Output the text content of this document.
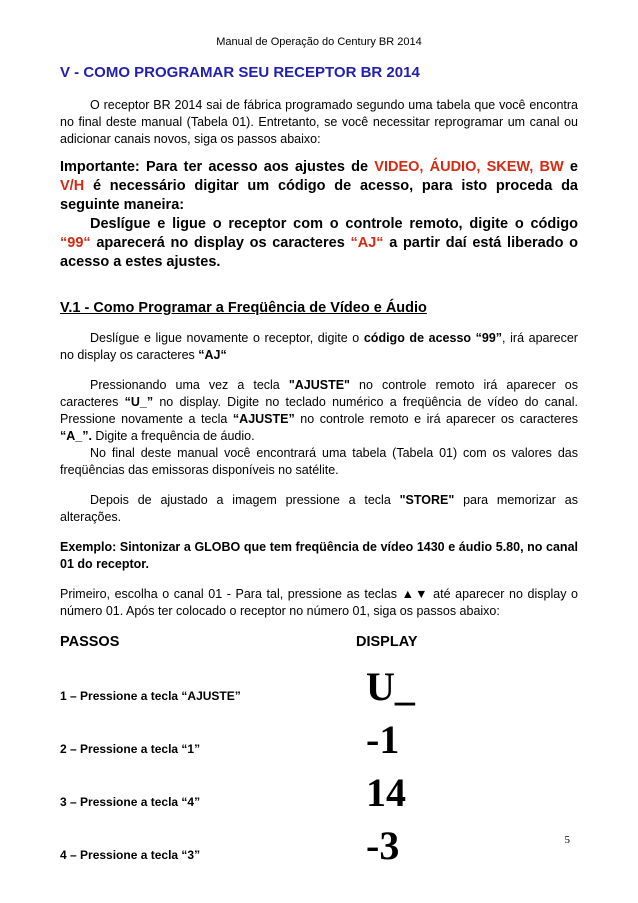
Manual de Operação do Century BR 2014
V - COMO PROGRAMAR SEU RECEPTOR BR 2014

O receptor BR 2014 sai de fábrica programado segundo uma tabela que você encontra no final deste manual (Tabela 01). Entretanto, se você necessitar reprogramar um canal ou adicionar canais novos, siga os passos abaixo:

Importante: Para ter acesso aos ajustes de VIDEO, ÁUDIO, SKEW, BW e V/H é necessário digitar um código de acesso, para isto proceda da seguinte maneira:

Deslígue e ligue o receptor com o controle remoto, digite o código “99“ aparecerá no display os caracteres “AJ“ a partir daí está liberado o acesso a estes ajustes.

V.1 - Como Programar a Freqüência de Vídeo e Áudio

Deslígue e ligue novamente o receptor, digite o código de acesso “99”, irá aparecer no display os caracteres “AJ“

Pressionando uma vez a tecla "AJUSTE" no controle remoto irá aparecer os caracteres “U_” no display. Digite no teclado numérico a freqüência de vídeo do canal. Pressione novamente a tecla “AJUSTE” no controle remoto e irá aparecer os caracteres “A_”. Digite a frequência de áudio.

No final deste manual você encontrará uma tabela (Tabela 01) com os valores das freqüências das emissoras disponíveis no satélite.

Depois de ajustado a imagem pressione a tecla "STORE" para memorizar as alterações.

Exemplo: Sintonizar a GLOBO que tem freqüência de vídeo 1430 e áudio 5.80, no canal 01 do receptor.

Primeiro, escolha o canal 01 - Para tal, pressione as teclas ▲▼ até aparecer no display o número 01. Após ter colocado o receptor no número 01, siga os passos abaixo:

PASSOS	DISPLAY
1 – Pressione a tecla “AJUSTE”	U_
2 – Pressione a tecla “1”	-1
3 – Pressione a tecla “4”	14
4 – Pressione a tecla “3”	-3	5
